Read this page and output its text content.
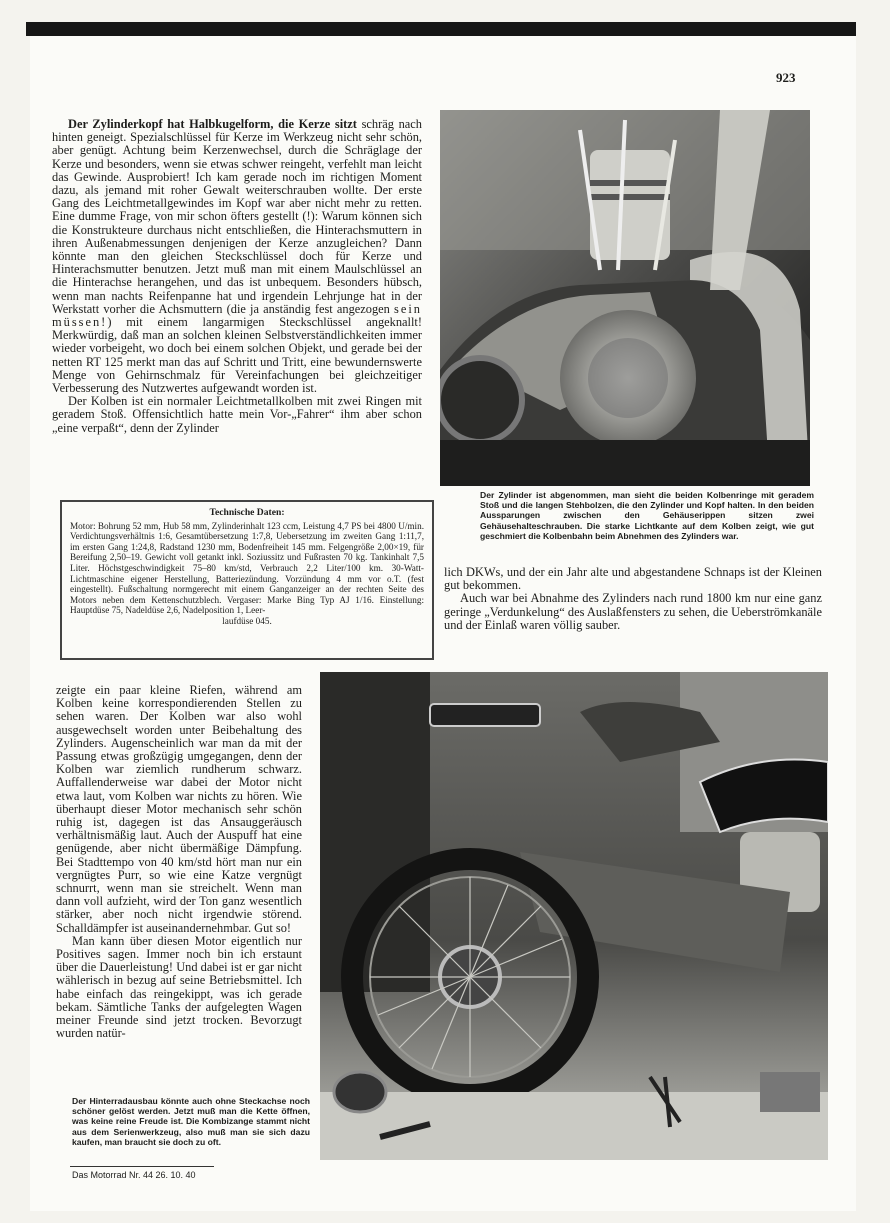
923

Der Zylinderkopf hat Halbkugelform, die Kerze sitzt schräg nach hinten geneigt. Spezialschlüssel für Kerze im Werkzeug nicht sehr schön, aber genügt. Achtung beim Kerzenwechsel, durch die Schräglage der Kerze und besonders, wenn sie etwas schwer reingeht, verfehlt man leicht das Gewinde. Ausprobiert! Ich kam gerade noch im richtigen Moment dazu, als jemand mit roher Gewalt weiterschrauben wollte. Der erste Gang des Leichtmetallgewindes im Kopf war aber nicht mehr zu retten. Eine dumme Frage, von mir schon öfters gestellt (!): Warum können sich die Konstrukteure durchaus nicht entschließen, die Hinterachsmuttern in ihren Außenabmessungen denjenigen der Kerze anzugleichen? Dann könnte man den gleichen Steckschlüssel doch für Kerze und Hinterachsmutter benutzen. Jetzt muß man mit einem Maulschlüssel an die Hinterachse herangehen, und das ist unbequem. Besonders hübsch, wenn man nachts Reifenpanne hat und irgendein Lehrjunge hat in der Werkstatt vorher die Achsmuttern (die ja anständig fest angezogen sein müssen!) mit einem langarmigen Steckschlüssel angeknallt! Merkwürdig, daß man an solchen kleinen Selbstverständlichkeiten immer wieder vorbeigeht, wo doch bei einem solchen Objekt, und gerade bei der netten RT 125 merkt man das auf Schritt und Tritt, eine bewundernswerte Menge von Gehirnschmalz für Vereinfachungen bei gleichzeitiger Verbesserung des Nutzwertes aufgewandt worden ist.

Der Kolben ist ein normaler Leichtmetallkolben mit zwei Ringen mit geradem Stoß. Offensichtlich hatte mein Vor-„Fahrer“ ihm aber schon „eine verpaßt“, denn der Zylinder

Technische Daten:
Motor: Bohrung 52 mm, Hub 58 mm, Zylinderinhalt 123 ccm, Leistung 4,7 PS bei 4800 U/min. Verdichtungsverhältnis 1:6, Gesamtübersetzung 1:7,8, Uebersetzung im zweiten Gang 1:11,7, im ersten Gang 1:24,8, Radstand 1230 mm, Bodenfreiheit 145 mm. Felgengröße 2,00×19, für Bereifung 2,50–19. Gewicht voll getankt inkl. Soziussitz und Fußrasten 70 kg. Tankinhalt 7,5 Liter. Höchstgeschwindigkeit 75–80 km/std, Verbrauch 2,2 Liter/100 km. 30-Watt-Lichtmaschine eigener Herstellung, Batteriezündung. Vorzündung 4 mm vor o.T. (fest eingestellt). Fußschaltung normgerecht mit einem Ganganzeiger an der rechten Seite des Motors neben dem Kettenschutzblech. Vergaser: Marke Bing Typ AJ 1/16. Einstellung: Hauptdüse 75, Nadeldüse 2,6, Nadelposition 1, Leer-
laufdüse 045.
Der Zylinder ist abgenommen, man sieht die beiden Kolbenringe mit geradem Stoß und die langen Stehbolzen, die den Zylinder und Kopf halten. In den beiden Aussparungen zwischen den Gehäuserippen sitzen zwei Gehäusehalteschrauben. Die starke Lichtkante auf dem Kolben zeigt, wie gut geschmiert die Kolbenbahn beim Abnehmen des Zylinders war.

lich DKWs, und der ein Jahr alte und abgestandene Schnaps ist der Kleinen gut bekommen.

Auch war bei Abnahme des Zylinders nach rund 1800 km nur eine ganz geringe „Verdunkelung“ des Auslaßfensters zu sehen, die Ueberströmkanäle und der Einlaß waren völlig sauber.

zeigte ein paar kleine Riefen, während am Kolben keine korrespondierenden Stellen zu sehen waren. Der Kolben war also wohl ausgewechselt worden unter Beibehaltung des Zylinders. Augenscheinlich war man da mit der Passung etwas großzügig umgegangen, denn der Kolben war ziemlich rundherum schwarz. Auffallenderweise war dabei der Motor nicht etwa laut, vom Kolben war nichts zu hören. Wie überhaupt dieser Motor mechanisch sehr schön ruhig ist, dagegen ist das Ansauggeräusch verhältnismäßig laut. Auch der Auspuff hat eine genügende, aber nicht übermäßige Dämpfung. Bei Stadttempo von 40 km/std hört man nur ein vergnügtes Purr, so wie eine Katze vergnügt schnurrt, wenn man sie streichelt. Wenn man dann voll aufzieht, wird der Ton ganz wesentlich stärker, aber noch nicht irgendwie störend. Schalldämpfer ist auseinandernehmbar. Gut so!

Man kann über diesen Motor eigentlich nur Positives sagen. Immer noch bin ich erstaunt über die Dauerleistung! Und dabei ist er gar nicht wählerisch in bezug auf seine Betriebsmittel. Ich habe einfach das reingekippt, was ich gerade bekam. Sämtliche Tanks der aufgelegten Wagen meiner Freunde sind jetzt trocken. Bevorzugt wurden natür-

Der Hinterradausbau könnte auch ohne Steckachse noch schöner gelöst werden. Jetzt muß man die Kette öffnen, was keine reine Freude ist. Die Kombizange stammt nicht aus dem Serienwerkzeug, also muß man sie sich dazu kaufen, man braucht sie doch zu oft.
Das Motorrad Nr. 44 26. 10. 40
